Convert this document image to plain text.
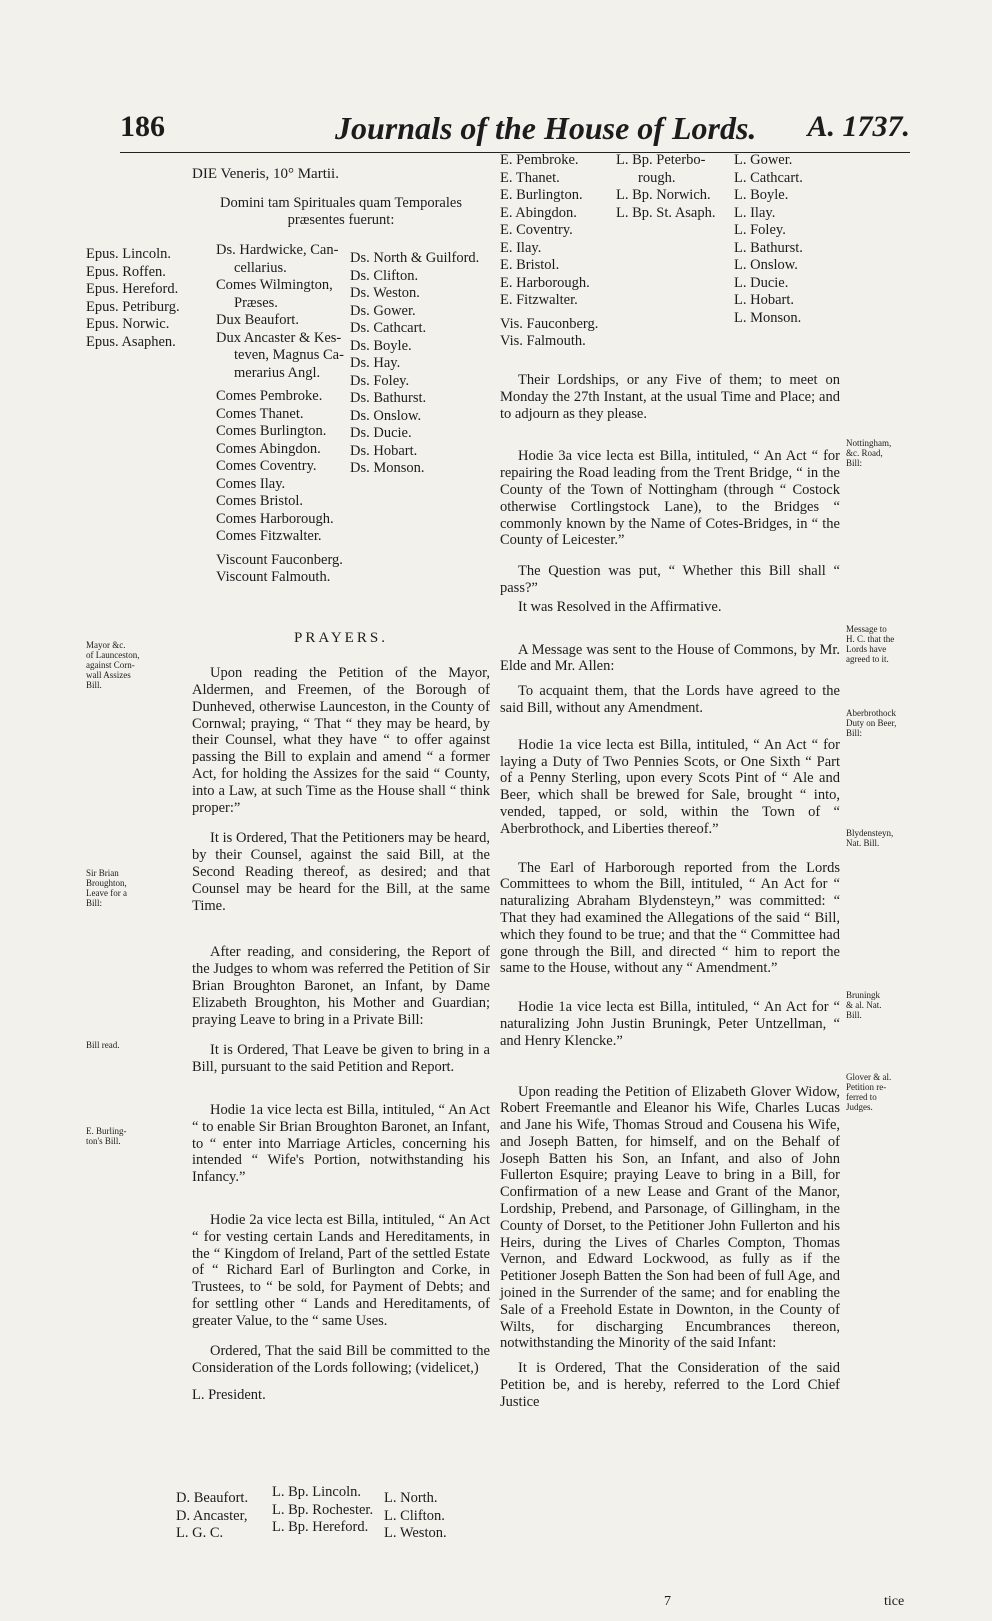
186	Journals of the House of Lords. A. 1737.

DIE Veneris, 10° Martii.

Domini tam Spirituales quam Temporales præsentes fuerunt:

PRAYERS.

Upon reading the Petition of the Mayor, Aldermen, and Freemen, of the Borough of Dunheved, otherwise Launceston, in the County of Cornwal; praying, “ That “ they may be heard, by their Counsel, what they have “ to offer against passing the Bill to explain and amend “ a former Act, for holding the Assizes for the said “ County, into a Law, at such Time as the House shall “ think proper:”

It is Ordered, That the Petitioners may be heard, by their Counsel, against the said Bill, at the Second Reading thereof, as desired; and that Counsel may be heard for the Bill, at the same Time.

After reading, and considering, the Report of the Judges to whom was referred the Petition of Sir Brian Broughton Baronet, an Infant, by Dame Elizabeth Broughton, his Mother and Guardian; praying Leave to bring in a Private Bill:

It is Ordered, That Leave be given to bring in a Bill, pursuant to the said Petition and Report.

Hodie 1a vice lecta est Billa, intituled, “ An Act “ to enable Sir Brian Broughton Baronet, an Infant, to “ enter into Marriage Articles, concerning his intended “ Wife's Portion, notwithstanding his Infancy.”

Hodie 2a vice lecta est Billa, intituled, “ An Act “ for vesting certain Lands and Hereditaments, in the “ Kingdom of Ireland, Part of the settled Estate of “ Richard Earl of Burlington and Corke, in Trustees, to “ be sold, for Payment of Debts; and for settling other “ Lands and Hereditaments, of greater Value, to the “ same Uses.

Ordered, That the said Bill be committed to the Consideration of the Lords following; (videlicet,)

L. President.

Epus. Lincoln.
Epus. Roffen.
Epus. Hereford.
Epus. Petriburg.
Epus. Norwic.
Epus. Asaphen.
Ds. Hardwicke, Can-
cellarius.
Comes Wilmington,
Præses.
Dux Beaufort.
Dux Ancaster & Kes-
teven, Magnus Ca-
merarius Angl.
Comes Pembroke.
Comes Thanet.
Comes Burlington.
Comes Abingdon.
Comes Coventry.
Comes Ilay.
Comes Bristol.
Comes Harborough.
Comes Fitzwalter.
Viscount Fauconberg.
Viscount Falmouth.
Ds. North & Guilford.
Ds. Clifton.
Ds. Weston.
Ds. Gower.
Ds. Cathcart.
Ds. Boyle.
Ds. Hay.
Ds. Foley.
Ds. Bathurst.
Ds. Onslow.
Ds. Ducie.
Ds. Hobart.
Ds. Monson.
D. Beaufort.
D. Ancaster,
L. G. C.
L. Bp. Lincoln.
L. Bp. Rochester.
L. Bp. Hereford.
L. North.
L. Clifton.
L. Weston.
E. Pembroke.
E. Thanet.
E. Burlington.
E. Abingdon.
E. Coventry.
E. Ilay.
E. Bristol.
E. Harborough.
E. Fitzwalter.
Vis. Fauconberg.
Vis. Falmouth.
L. Bp. Peterbo-
rough.
L. Bp. Norwich.
L. Bp. St. Asaph.
L. Gower.
L. Cathcart.
L. Boyle.
L. Ilay.
L. Foley.
L. Bathurst.
L. Onslow.
L. Ducie.
L. Hobart.
L. Monson.

Their Lordships, or any Five of them; to meet on Monday the 27th Instant, at the usual Time and Place; and to adjourn as they please.

Hodie 3a vice lecta est Billa, intituled, “ An Act “ for repairing the Road leading from the Trent Bridge, “ in the County of the Town of Nottingham (through “ Costock otherwise Cortlingstock Lane), to the Bridges “ commonly known by the Name of Cotes-Bridges, in “ the County of Leicester.”

The Question was put, “ Whether this Bill shall “ pass?”

It was Resolved in the Affirmative.

A Message was sent to the House of Commons, by Mr. Elde and Mr. Allen:

To acquaint them, that the Lords have agreed to the said Bill, without any Amendment.

Hodie 1a vice lecta est Billa, intituled, “ An Act “ for laying a Duty of Two Pennies Scots, or One Sixth “ Part of a Penny Sterling, upon every Scots Pint of “ Ale and Beer, which shall be brewed for Sale, brought “ into, vended, tapped, or sold, within the Town of “ Aberbrothock, and Liberties thereof.”

The Earl of Harborough reported from the Lords Committees to whom the Bill, intituled, “ An Act for “ naturalizing Abraham Blydensteyn,” was committed: “ That they had examined the Allegations of the said “ Bill, which they found to be true; and that the “ Committee had gone through the Bill, and directed “ him to report the same to the House, without any “ Amendment.”

Hodie 1a vice lecta est Billa, intituled, “ An Act for “ naturalizing John Justin Bruningk, Peter Untzellman, “ and Henry Klencke.”

Upon reading the Petition of Elizabeth Glover Widow, Robert Freemantle and Eleanor his Wife, Charles Lucas and Jane his Wife, Thomas Stroud and Cousena his Wife, and Joseph Batten, for himself, and on the Behalf of Joseph Batten his Son, an Infant, and also of John Fullerton Esquire; praying Leave to bring in a Bill, for Confirmation of a new Lease and Grant of the Manor, Lordship, Prebend, and Parsonage, of Gillingham, in the County of Dorset, to the Petitioner John Fullerton and his Heirs, during the Lives of Charles Compton, Thomas Vernon, and Edward Lockwood, as fully as if the Petitioner Joseph Batten the Son had been of full Age, and joined in the Surrender of the same; and for enabling the Sale of a Freehold Estate in Downton, in the County of Wilts, for discharging Encumbrances thereon, notwithstanding the Minority of the said Infant:

It is Ordered, That the Consideration of the said Petition be, and is hereby, referred to the Lord Chief Justice

Mayor &c.
of Launceston,
against Corn-
wall Assizes
Bill.
Sir Brian
Broughton,
Leave for a
Bill:
Bill read.
E. Burling-
ton's Bill.
Nottingham,
&c. Road,
Bill:
Message to
H. C. that the
Lords have
agreed to it.
Aberbrothock
Duty on Beer,
Bill:
Blydensteyn,
Nat. Bill.
Bruningk
& al. Nat.
Bill.
Glover & al.
Petition re-
ferred to
Judges.
7	tice
